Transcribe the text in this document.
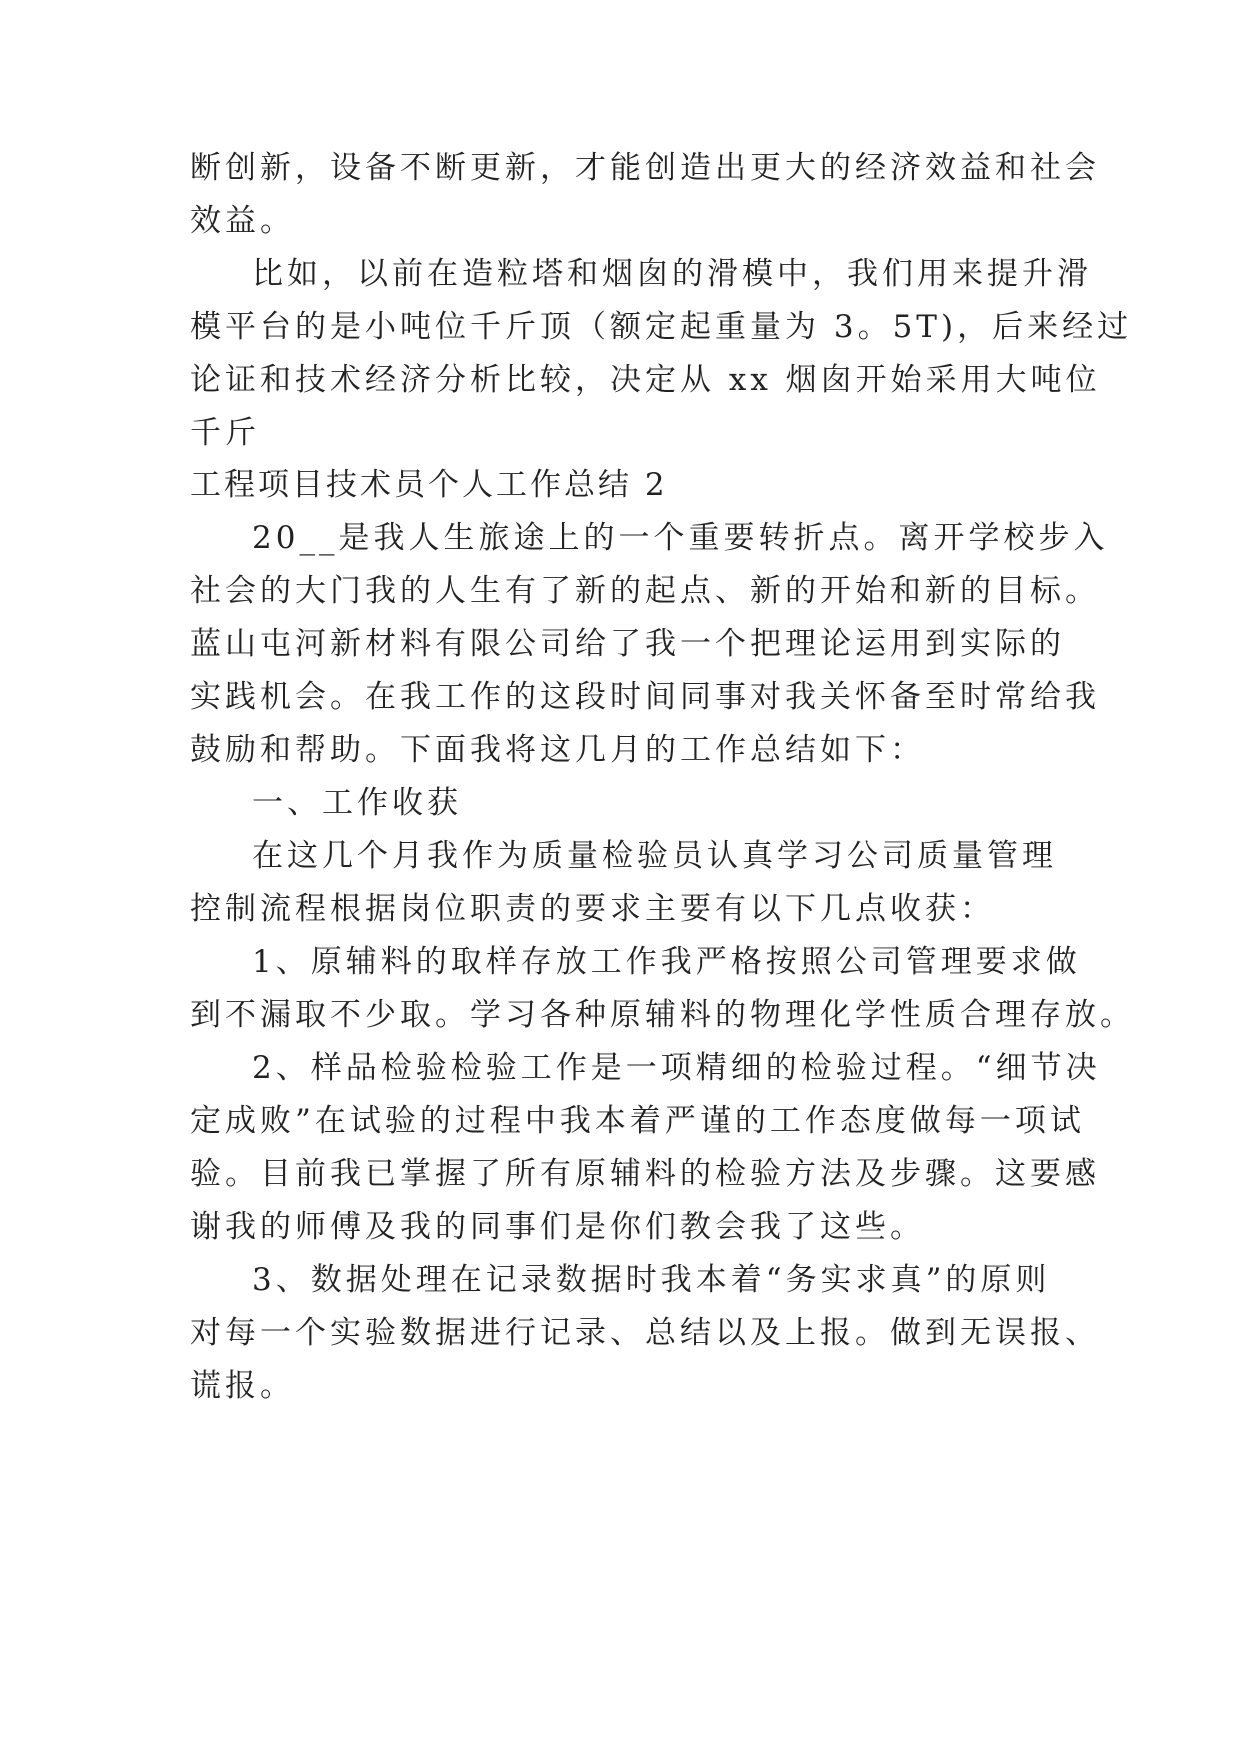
断创新，设备不断更新，才能创造出更大的经济效益和社会

效益。

比如，以前在造粒塔和烟囱的滑模中，我们用来提升滑

模平台的是小吨位千斤顶（额定起重量为 3。5T)，后来经过

论证和技术经济分析比较，决定从 xx 烟囱开始采用大吨位

千斤

工程项目技术员个人工作总结 2

20__是我人生旅途上的一个重要转折点。离开学校步入

社会的大门我的人生有了新的起点、新的开始和新的目标。

蓝山屯河新材料有限公司给了我一个把理论运用到实际的

实践机会。在我工作的这段时间同事对我关怀备至时常给我

鼓励和帮助。下面我将这几月的工作总结如下：

一、工作收获

在这几个月我作为质量检验员认真学习公司质量管理

控制流程根据岗位职责的要求主要有以下几点收获：

1、原辅料的取样存放工作我严格按照公司管理要求做

到不漏取不少取。学习各种原辅料的物理化学性质合理存放。

2、样品检验检验工作是一项精细的检验过程。“细节决

定成败”在试验的过程中我本着严谨的工作态度做每一项试

验。目前我已掌握了所有原辅料的检验方法及步骤。这要感

谢我的师傅及我的同事们是你们教会我了这些。

3、数据处理在记录数据时我本着“务实求真”的原则

对每一个实验数据进行记录、总结以及上报。做到无误报、

谎报。
